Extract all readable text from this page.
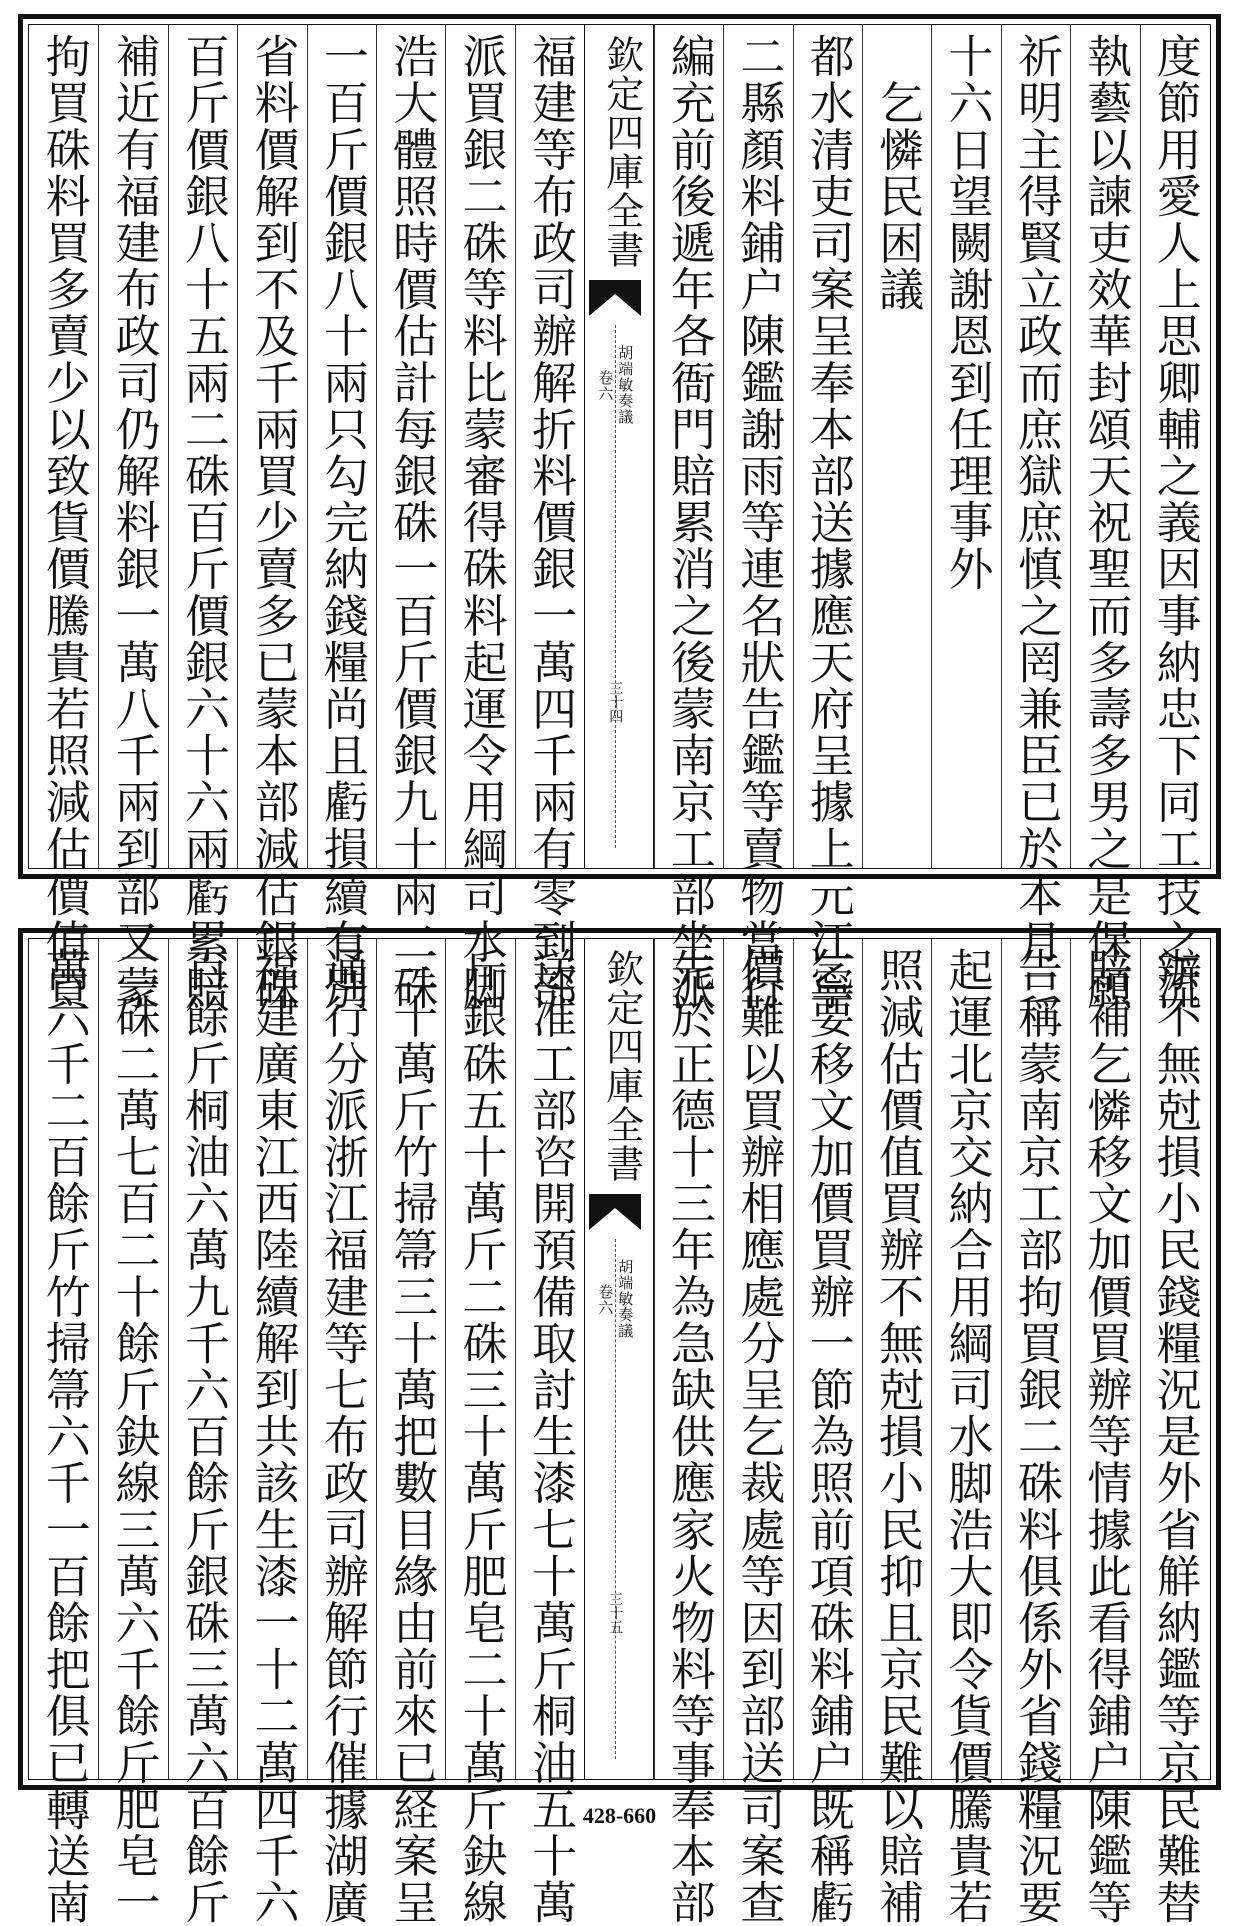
度節用愛人上思卿輔之義因事納忠下同工技之流
執藝以諫吏效華封頌天祝聖而多壽多男之是保願
祈明主得賢立政而庶獄庶慎之罔兼臣已於本月二
十六日望闕謝恩到任理事外
　乞憐民困議
都水清吏司案呈奉本部送據應天府呈據上元江寧
二縣顏料鋪户陳鑑謝雨等連名狀告鑑等賣物當行
編充前後遞年各衙門賠累消之後蒙南京工部坐派
欽定四庫全書
胡端敏奏議
卷六
三十四
福建等布政司辦解折料價銀一萬四千兩有零到部
派買銀二硃等料比蒙審得硃料起運令用綱司水脚
浩大體照時價估計每銀硃一百斤價銀九十兩二硃
一百斤價銀八十兩只勾完納錢糧尚且虧損續有別
省料價解到不及千兩買少賣多已蒙本部減估銀硃
百斤價銀八十五兩二硃百斤價銀六十六兩虧累賠
補近有福建布政司仍解料銀一萬八千兩到部又蒙
拘買硃料買多賣少以致貨價騰貴若照減估價值買
辦不無尅損小民錢糧況是外省觧納鑑等京民難替
賠補乞憐移文加價買辦等情據此看得鋪户陳鑑等
告稱蒙南京工部拘買銀二硃料俱係外省錢糧況要
起運北京交納合用綱司水脚浩大即令貨價騰貴若
照減估價值買辦不無尅損小民抑且京民難以賠補
乞要移文加價買辦一節為照前項硃料鋪户既稱虧
價難以買辦相應處分呈乞裁處等因到部送司案查
先於正德十三年為急缺供應家火物料等事奉本部
欽定四庫全書
胡端敏奏議
卷六
三十五
送准工部咨開預備取討生漆七十萬斤桐油五十萬
斤銀硃五十萬斤二硃三十萬斤肥皂二十萬斤鈌線
三十萬斤竹掃箒三十萬把數目緣由前來已経案呈
通行分派浙江福建等七布政司辦解節行催據湖廣
福建廣東江西陸續解到共該生漆一十二萬四千六
百餘斤桐油六萬九千六百餘斤銀硃三萬六百餘斤
二硃二萬七百二十餘斤鈌線三萬六千餘斤肥皂一
萬六千二百餘斤竹掃箒六千一百餘把俱已轉送南	428-660
